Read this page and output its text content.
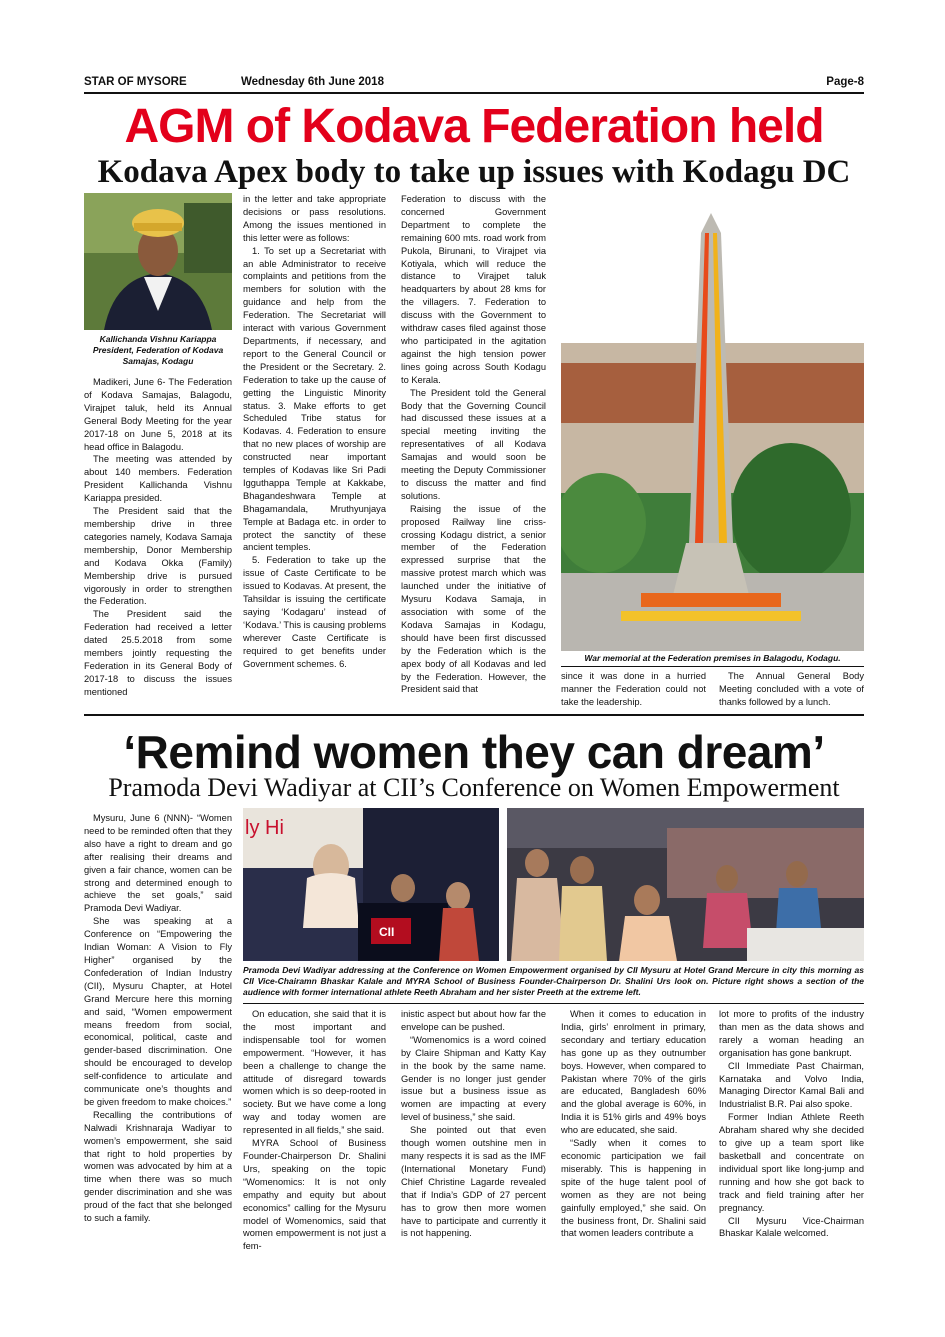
STAR OF MYSORE	Wednesday 6th June 2018	Page-8
AGM of Kodava Federation held
Kodava Apex body to take up issues with Kodagu DC
Kallichanda Vishnu Kariappa President, Federation of Kodava Samajas, Kodagu

Madikeri, June 6- The Federation of Kodava Samajas, Balagodu, Virajpet taluk, held its Annual General Body Meeting for the year 2017-18 on June 5, 2018 at its head office in Balagodu.

The meeting was attended by about 140 members. Federation President Kallichanda Vishnu Kariappa presided.

The President said that the membership drive in three categories namely, Kodava Samaja membership, Donor Membership and Kodava Okka (Family) Membership drive is pursued vigorously in order to strengthen the Federation.

The President said the Federation had received a letter dated 25.5.2018 from some members jointly requesting the Federation in its General Body of 2017-18 to discuss the issues mentioned

in the letter and take appropriate decisions or pass resolutions. Among the issues mentioned in this letter were as follows:

1. To set up a Secretariat with an able Administrator to receive complaints and petitions from the members for solution with the guidance and help from the Federation. The Secretariat will interact with various Government Departments, if necessary, and report to the General Council or the President or the Secretary. 2. Federation to take up the cause of getting the Linguistic Minority status. 3. Make efforts to get Scheduled Tribe status for Kodavas. 4. Federation to ensure that no new places of worship are constructed near important temples of Kodavas like Sri Padi Igguthappa Temple at Kakkabe, Bhagandeshwara Temple at Bhagamandala, Mruthyunjaya Temple at Badaga etc. in order to protect the sanctity of these ancient temples.

5. Federation to take up the issue of Caste Certificate to be issued to Kodavas. At present, the Tahsildar is issuing the certificate saying ‘Kodagaru’ instead of ‘Kodava.’ This is causing problems wherever Caste Certificate is required to get benefits under Government schemes. 6.

Federation to discuss with the concerned Government Department to complete the remaining 600 mts. road work from Pukola, Birunani, to Virajpet via Kotiyala, which will reduce the distance to Virajpet taluk headquarters by about 28 kms for the villagers. 7. Federation to discuss with the Government to withdraw cases filed against those who participated in the agitation against the high tension power lines going across South Kodagu to Kerala.

The President told the General Body that the Governing Council had discussed these issues at a special meeting inviting the representatives of all Kodava Samajas and would soon be meeting the Deputy Commissioner to discuss the matter and find solutions.

Raising the issue of the proposed Railway line criss-crossing Kodagu district, a senior member of the Federation expressed surprise that the massive protest march which was launched under the initiative of Mysuru Kodava Samaja, in association with some of the Kodava Samajas in Kodagu, should have been first discussed by the Federation which is the apex body of all Kodavas and led by the Federation. However, the President said that

War memorial at the Federation premises in Balagodu, Kodagu.

since it was done in a hurried manner the Federation could not take the leadership.

The Annual General Body Meeting concluded with a vote of thanks followed by a lunch.

‘Remind women they can dream’
Pramoda Devi Wadiyar at CII’s Conference on Women Empowerment

Mysuru, June 6 (NNN)- “Women need to be reminded often that they also have a right to dream and go after realising their dreams and given a fair chance, women can be strong and determined enough to achieve the set goals,” said Pramoda Devi Wadiyar.

She was speaking at a Conference on “Empowering the Indian Woman: A Vision to Fly Higher” organised by the Confederation of Indian Industry (CII), Mysuru Chapter, at Hotel Grand Mercure here this morning and said, “Women empowerment means freedom from social, economical, political, caste and gender-based discrimination. One should be encouraged to develop self-confidence to articulate and communicate one’s thoughts and be given freedom to make choices.”

Recalling the contributions of Nalwadi Krishnaraja Wadiyar to women’s empowerment, she said that right to hold properties by women was advocated by him at a time when there was so much gender discrimination and she was proud of the fact that she belonged to such a family.

ly Hi
CII
Pramoda Devi Wadiyar addressing at the Conference on Women Empowerment organised by CII Mysuru at Hotel Grand Mercure in city this morning as CII Vice-Chairamn Bhaskar Kalale and MYRA School of Business Founder-Chairperson Dr. Shalini Urs look on. Picture right shows a section of the audience with former international athlete Reeth Abraham and her sister Preeth at the extreme left.

On education, she said that it is the most important and indispensable tool for women empowerment. “However, it has been a challenge to change the attitude of disregard towards women which is so deep-rooted in society. But we have come a long way and today women are represented in all fields,” she said.

MYRA School of Business Founder-Chairperson Dr. Shalini Urs, speaking on the topic “Womenomics: It is not only empathy and equity but about economics” calling for the Mysuru model of Womenomics, said that women empowerment is not just a fem-

inistic aspect but about how far the envelope can be pushed.

“Womenomics is a word coined by Claire Shipman and Katty Kay in the book by the same name. Gender is no longer just gender issue but a business issue as women are impacting at every level of business,” she said.

She pointed out that even though women outshine men in many respects it is sad as the IMF (International Monetary Fund) Chief Christine Lagarde revealed that if India’s GDP of 27 percent has to grow then more women have to participate and currently it is not happening.

When it comes to education in India, girls’ enrolment in primary, secondary and tertiary education has gone up as they outnumber boys. However, when compared to Pakistan where 70% of the girls are educated, Bangladesh 60% and the global average is 60%, in India it is 51% girls and 49% boys who are educated, she said.

“Sadly when it comes to economic participation we fail miserably. This is happening in spite of the huge talent pool of women as they are not being gainfully employed,” she said. On the business front, Dr. Shalini said that women leaders contribute a

lot more to profits of the industry than men as the data shows and rarely a woman heading an organisation has gone bankrupt.

CII Immediate Past Chairman, Karnataka and Volvo India, Managing Director Kamal Bali and Industrialist B.R. Pai also spoke.

Former Indian Athlete Reeth Abraham shared why she decided to give up a team sport like basketball and concentrate on individual sport like long-jump and running and how she got back to track and field training after her pregnancy.

CII Mysuru Vice-Chairman Bhaskar Kalale welcomed.
